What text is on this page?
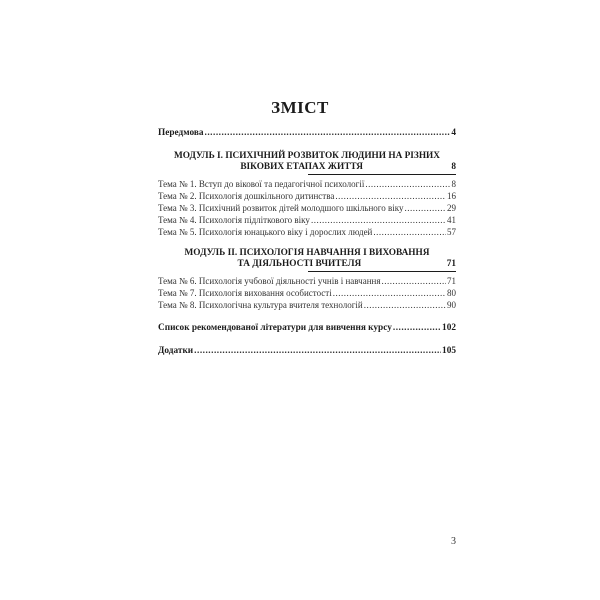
ЗМІСТ
Передмова .....	4
МОДУЛЬ І. ПСИХІЧНИЙ РОЗВИТОК ЛЮДИНИ НА РІЗНИХ
ВІКОВИХ ЕТАПАХ ЖИТТЯ	8
Тема № 1. Вступ до вікової та педагогічної психології .....	8
Тема № 2. Психологія дошкільного дитинства .....	16
Тема № 3. Психічний розвиток дітей молодшого шкільного віку .....	29
Тема № 4. Психологія підліткового віку .....	41
Тема № 5. Психологія юнацького віку і дорослих людей .....	57
МОДУЛЬ ІІ. ПСИХОЛОГІЯ НАВЧАННЯ І ВИХОВАННЯ
ТА ДІЯЛЬНОСТІ ВЧИТЕЛЯ	71
Тема № 6. Психологія учбової діяльності учнів і навчання .....	71
Тема № 7. Психологія виховання особистості .....	80
Тема № 8. Психологічна культура вчителя технологій .....	90
Список рекомендованої літератури для вивчення курсу .....	102
Додатки .....	105
3
